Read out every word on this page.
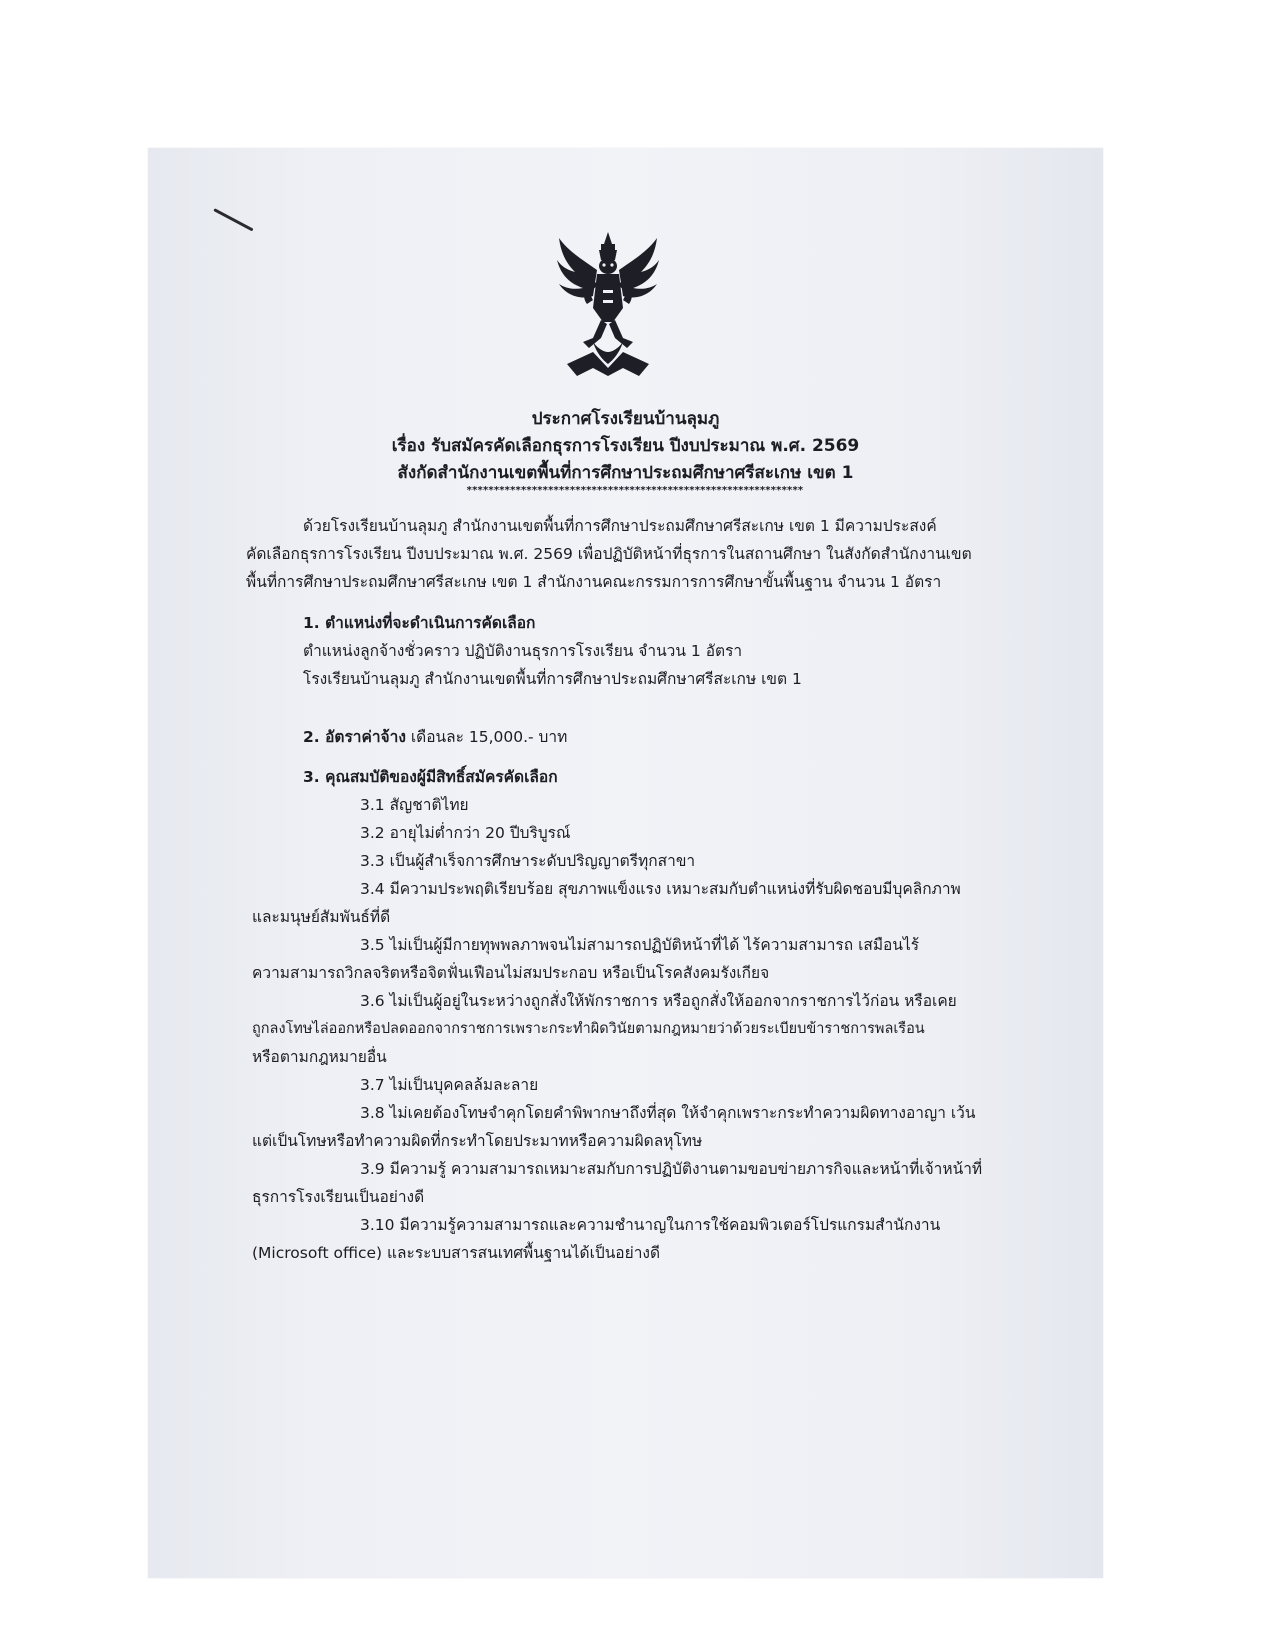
ประกาศโรงเรียนบ้านลุมภู
เรื่อง รับสมัครคัดเลือกธุรการโรงเรียน ปีงบประมาณ พ.ศ. 2569
สังกัดสำนักงานเขตพื้นที่การศึกษาประถมศึกษาศรีสะเกษ เขต 1
**************************************************************
ด้วยโรงเรียนบ้านลุมภู สำนักงานเขตพื้นที่การศึกษาประถมศึกษาศรีสะเกษ เขต 1 มีความประสงค์
คัดเลือกธุรการโรงเรียน ปีงบประมาณ พ.ศ. 2569 เพื่อปฏิบัติหน้าที่ธุรการในสถานศึกษา ในสังกัดสำนักงานเขต
พื้นที่การศึกษาประถมศึกษาศรีสะเกษ เขต 1 สำนักงานคณะกรรมการการศึกษาขั้นพื้นฐาน จำนวน 1 อัตรา
1. ตำแหน่งที่จะดำเนินการคัดเลือก
ตำแหน่งลูกจ้างชั่วคราว ปฏิบัติงานธุรการโรงเรียน จำนวน 1 อัตรา
โรงเรียนบ้านลุมภู สำนักงานเขตพื้นที่การศึกษาประถมศึกษาศรีสะเกษ เขต 1
2. อัตราค่าจ้าง เดือนละ 15,000.- บาท
3. คุณสมบัติของผู้มีสิทธิ์สมัครคัดเลือก
3.1 สัญชาติไทย
3.2 อายุไม่ต่ำกว่า 20 ปีบริบูรณ์
3.3 เป็นผู้สำเร็จการศึกษาระดับปริญญาตรีทุกสาขา
3.4 มีความประพฤติเรียบร้อย สุขภาพแข็งแรง เหมาะสมกับตำแหน่งที่รับผิดชอบมีบุคลิกภาพ
และมนุษย์สัมพันธ์ที่ดี
3.5 ไม่เป็นผู้มีกายทุพพลภาพจนไม่สามารถปฏิบัติหน้าที่ได้ ไร้ความสามารถ เสมือนไร้
ความสามารถวิกลจริตหรือจิตฟั่นเฟือนไม่สมประกอบ หรือเป็นโรคสังคมรังเกียจ
3.6 ไม่เป็นผู้อยู่ในระหว่างถูกสั่งให้พักราชการ หรือถูกสั่งให้ออกจากราชการไว้ก่อน หรือเคย
ถูกลงโทษไล่ออกหรือปลดออกจากราชการเพราะกระทำผิดวินัยตามกฎหมายว่าด้วยระเบียบข้าราชการพลเรือน
หรือตามกฎหมายอื่น
3.7 ไม่เป็นบุคคลล้มละลาย
3.8 ไม่เคยต้องโทษจำคุกโดยคำพิพากษาถึงที่สุด ให้จำคุกเพราะกระทำความผิดทางอาญา เว้น
แต่เป็นโทษหรือทำความผิดที่กระทำโดยประมาทหรือความผิดลหุโทษ
3.9 มีความรู้ ความสามารถเหมาะสมกับการปฏิบัติงานตามขอบข่ายภารกิจและหน้าที่เจ้าหน้าที่
ธุรการโรงเรียนเป็นอย่างดี
3.10 มีความรู้ความสามารถและความชำนาญในการใช้คอมพิวเตอร์โปรแกรมสำนักงาน
(Microsoft office) และระบบสารสนเทศพื้นฐานได้เป็นอย่างดี
